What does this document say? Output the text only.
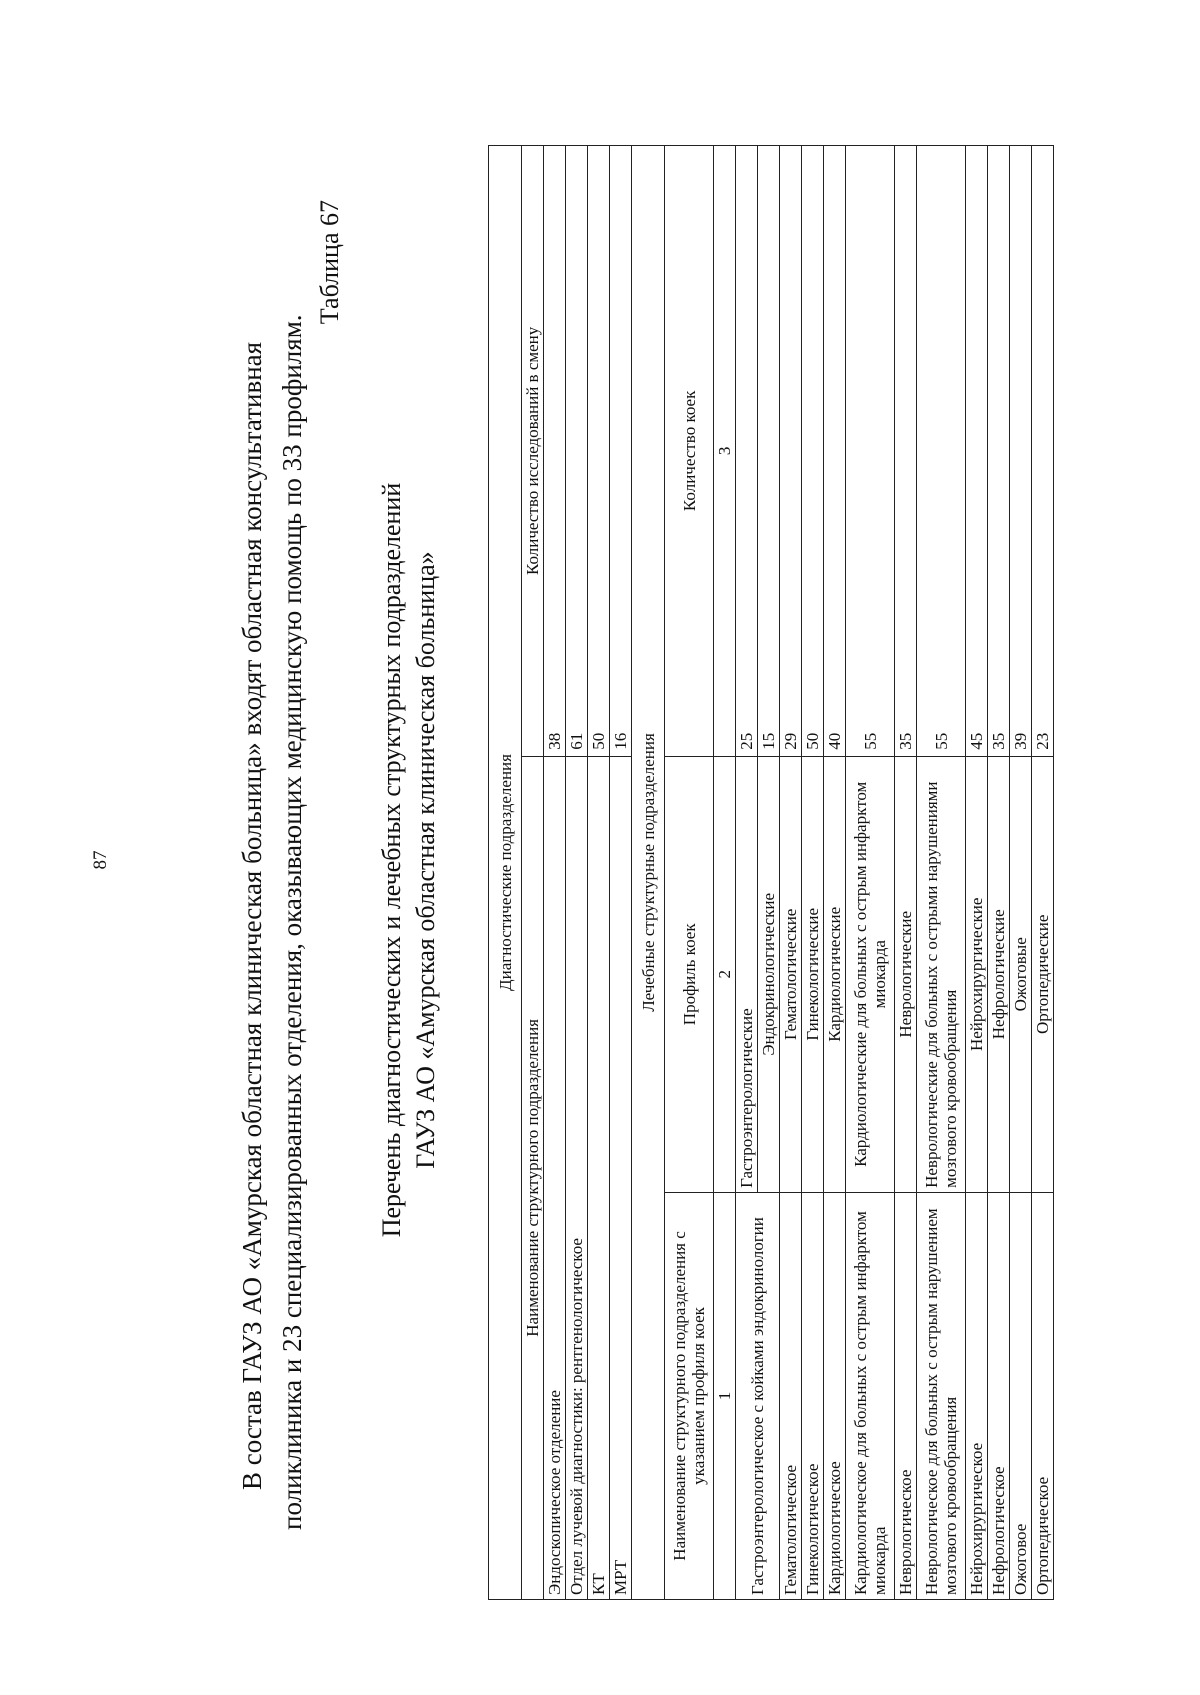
87	В состав ГАУЗ АО «Амурская областная клиническая больница» входят областная консультативная поликлиника и 23 специализированных отделения, оказывающих медицинскую помощь по 33 профилям.

Таблица 67
Перечень диагностических и лечебных структурных подразделений ГАУЗ АО «Амурская областная клиническая больница»	Диагностические подразделения		
Наименование структурного подразделения		Количество исследований в смену
Эндоскопическое отделение		38
Отдел лучевой диагностики: рентгенологическое		61
КТ		50
МРТ		16
Лечебные структурные подразделения		
Наименование структурного подразделения с указанием профиля коек	Профиль коек	Количество коек
1	2	3
Гастроэнтерологическое с койками эндокринологии	Гастроэнтерологические	25
	Эндокринологические	15
Гематологическое	Гематологические	29
Гинекологическое	Гинекологические	50
Кардиологическое	Кардиологические	40
Кардиологическое для больных с острым инфарктом миокарда	Кардиологические для больных с острым инфарктом миокарда	55
Неврологическое	Неврологические	35
Неврологическое для больных с острым нарушением мозгового кровообращения	Неврологические для больных с острыми нарушениями мозгового кровообращения	55
Нейрохирургическое	Нейрохирургические	45
Нефрологическое	Нефрологические	35
Ожоговое	Ожоговые	39
Ортопедическое	Ортопедические	23
